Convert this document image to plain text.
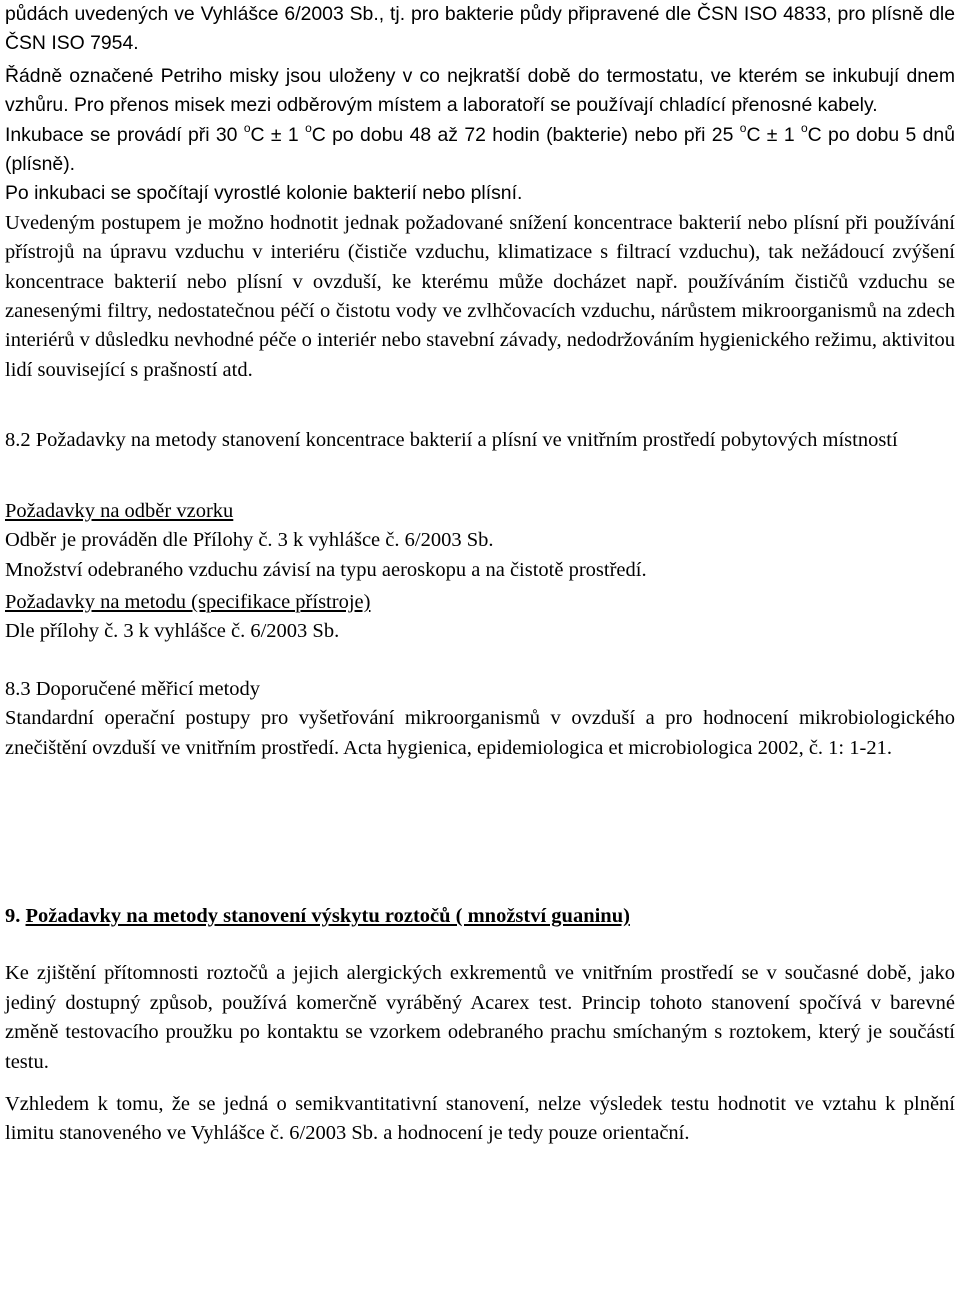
půdách uvedených ve Vyhlášce 6/2003 Sb., tj. pro bakterie půdy připravené dle ČSN ISO 4833, pro plísně dle ČSN ISO 7954.

Řádně označené Petriho misky jsou uloženy v co nejkratší době do termostatu, ve kterém se inkubují dnem vzhůru. Pro přenos misek mezi odběrovým místem a laboratoří se používají chladící přenosné kabely.

Inkubace se provádí při 30 $^o$C ± 1 $^o$C po dobu 48 až 72 hodin (bakterie) nebo při 25 $^o$C ± 1 $^o$C po dobu 5 dnů (plísně).

Po inkubaci se spočítají vyrostlé kolonie bakterií nebo plísní.

Uvedeným postupem je možno hodnotit jednak požadované snížení koncentrace bakterií nebo plísní při používání přístrojů na úpravu vzduchu v interiéru (čističe vzduchu, klimatizace s filtrací vzduchu), tak nežádoucí zvýšení koncentrace bakterií nebo plísní v ovzduší, ke kterému může docházet např. používáním čističů vzduchu se zanesenými filtry, nedostatečnou péčí o čistotu vody ve zvlhčovacích vzduchu, nárůstem mikroorganismů na zdech interiérů v důsledku nevhodné péče o interiér nebo stavební závady, nedodržováním hygienického režimu, aktivitou lidí související s prašností atd.

8.2 Požadavky na metody stanovení koncentrace bakterií a plísní ve vnitřním prostředí pobytových místností

Požadavky na odběr vzorku

Odběr je prováděn dle Přílohy č. 3 k vyhlášce č. 6/2003 Sb.

Množství odebraného vzduchu závisí na typu aeroskopu a na čistotě prostředí.

Požadavky na metodu (specifikace přístroje)

Dle přílohy č. 3 k vyhlášce č. 6/2003 Sb.

8.3 Doporučené měřicí metody

Standardní operační postupy pro vyšetřování mikroorganismů v ovzduší a pro hodnocení mikrobiologického znečištění ovzduší ve vnitřním prostředí. Acta hygienica, epidemiologica et microbiologica 2002, č. 1: 1-21.

9. Požadavky na metody stanovení výskytu roztočů ( množství guaninu)

Ke zjištění přítomnosti roztočů a jejich alergických exkrementů ve vnitřním prostředí se v současné době, jako jediný dostupný způsob, používá komerčně vyráběný Acarex test. Princip tohoto stanovení spočívá v barevné změně testovacího proužku po kontaktu se vzorkem odebraného prachu smíchaným s roztokem, který je součástí testu.

Vzhledem k tomu, že se jedná o semikvantitativní stanovení, nelze výsledek testu hodnotit ve vztahu k plnění limitu stanoveného ve Vyhlášce č. 6/2003 Sb. a hodnocení je tedy pouze orientační.
